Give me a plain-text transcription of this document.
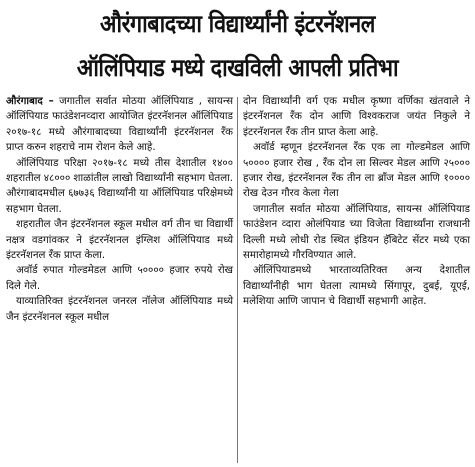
औरंगाबादच्या विद्यार्थ्यांनी इंटरनॅशनल
ऑलिंपियाड मध्ये दाखविली आपली प्रतिभा

औरंगाबाद – जगातील सर्वात मोठया ऑलिंपियाड , सायन्स ऑलिंपियाड फाउंडेशनव्दारा आयोजित इंटरनॅशनल ऑलिंपियाड २०१७-१८ मध्ये औरंगाबादच्या विद्यार्थ्यांनी इंटरनॅशनल रॅंक प्राप्त करुन शहराचे नाम रोशन केले आहे.

ऑलिंपियाड परिक्षा २०१७-१८ मध्ये तीस देशातील १४०० शहरातील ४८००० शाळांतील लाखो विद्यार्थ्यांनी सहभाग घेतला. औरंगाबादमधील ६७७३६ विद्यार्थ्यांनी या ऑलिंपियाड परिक्षेमध्ये सहभाग घेतला.

शहरातील जैन इंटरनॅशनल स्कूल मधील वर्ग तीन चा विद्यार्थी नक्षत्र वडगांवकर ने इंटरनॅशनल इंग्लिश ऑलिंपियाड मध्ये इंटरनॅशनल रॅंक प्राप्त केला.

अवॉर्ड रुपात गोल्डमेडल आणि ५०००० हजार रुपये रोख दिले गेले.

याव्यातिरिक्त इंटरनॅशनल जनरल नॉलेज ऑलिंपियाड मध्ये जैन इंटरनॅशनल स्कूल मधील

दोन विद्यार्थ्यांनी वर्ग एक मधील कृष्णा वर्णिका खंतवाले ने इंटरनॅशनल रॅंक दोन आणि विश्वकराज जयंत निकुले ने इंटरनॅशनल रॅंक तीन प्राप्त केला आहे.

अवॉर्ड म्हणून इंटरनॅशनल रॅंक एक ला गोल्डमेडल आणि ५०००० हजार रोख , रॅंक दोन ला सिल्वर मेडल आणि २५००० हजार रोख, इंटरनॅशनल रॅंक तीन ला ब्रॉंज मेडल आणि १०००० रोख देउन गौरव केला गेला

जगातील सर्वात मोठया ऑलिंपियाड, सायन्स ऑलिंपियाड फाउंडेशन व्दारा ओलंपियाड च्या विजेता विद्यार्थ्यांना राजधानी दिल्ली मध्ये लोधी रोड स्थित इंडियन हॅबिटेट सेंटर मध्ये एका समारोहामध्ये गौरविण्यात आले.

ऑलिंपियाडमध्ये भारताव्यतिरिक्त अन्य देशातील विद्यार्थ्यांनीही भाग घेतला त्यामध्ये सिंगापूर, दुबई, यूएई, मलेशिया आणि जापान चे विद्यार्थी सहभागी आहेत.
